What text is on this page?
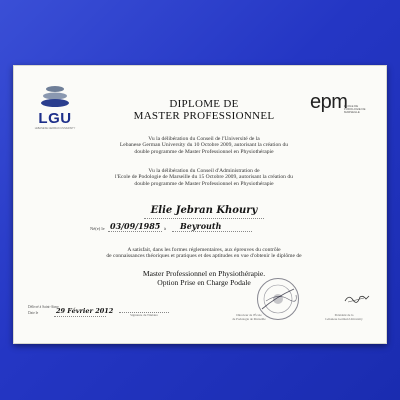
LGU
LEBANESE GERMAN UNIVERSITY
epm
ÉCOLE DE PODOLOGIE DE MARSEILLE
DIPLOME DE
MASTER PROFESSIONNEL
Vu la délibération du Conseil de l'Université de la
Lebanese German University du 10 Octobre 2009, autorisant la création du
double programme de Master Professionnel en Physiothérapie
Vu la délibération du Conseil d'Administration de
l'Ecole de Podologie de Marseille du 15 Octobre 2009, autorisant la création du
double programme de Master Professionnel en Physiothérapie
Elie Jebran Khoury
Né(e) le 03/09/1985 à Beyrouth
A satisfait, dans les formes réglementaires, aux épreuves du contrôle
de connaissances théoriques et pratiques et des aptitudes en vue d'obtenir le diplôme de
Master Professionnel en Physiothérapie.
Option Prise en Charge Podale
Délivré à Saint-Aime
Date le	29 Février 2012	Signature du Titulaire	Directeur de l'École
de Podologie de Marseille
Président de la
Lebanese German University
